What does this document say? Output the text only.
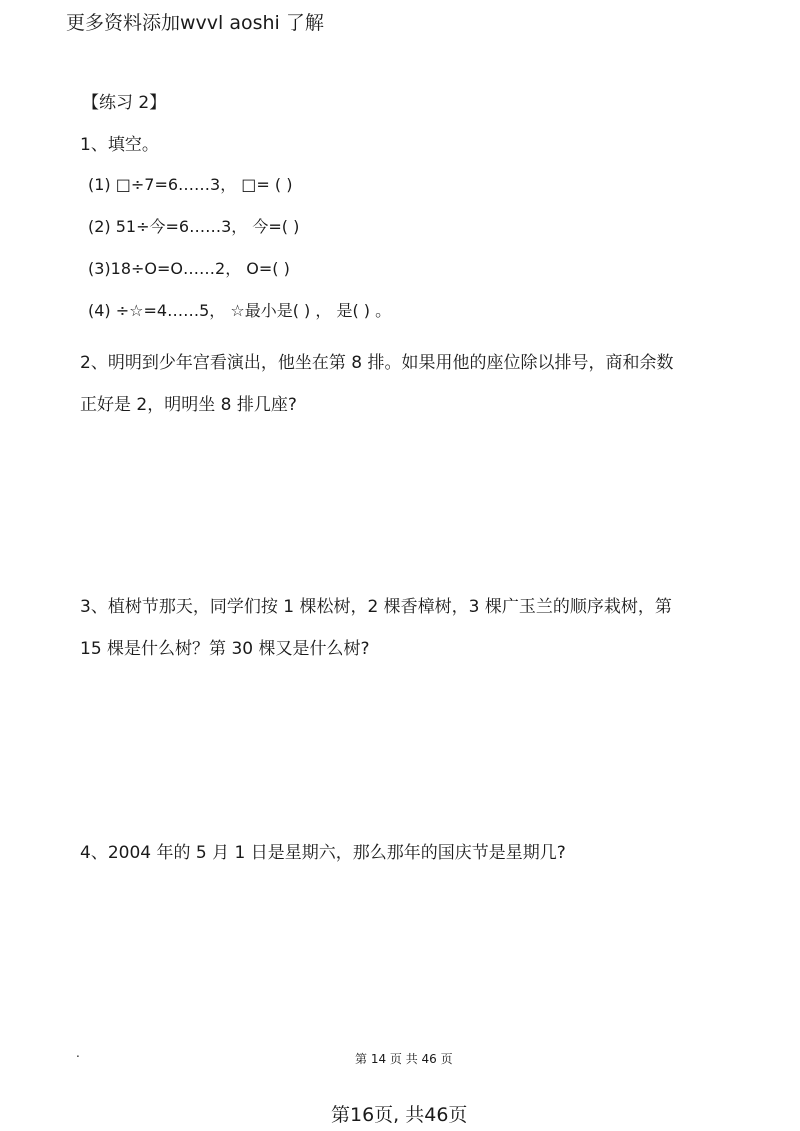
更多资料添加wvvl aoshi 了解
【练习 2】
1、填空。
(1) □÷7=6……3， □= ( )
(2) 51÷今=6……3， 今=( )
(3)18÷O=O……2， O=( )
(4) ÷☆=4……5， ☆最小是( ) ， 是( ) 。
2、明明到少年宫看演出，他坐在第 8 排。如果用他的座位除以排号，商和余数
正好是 2，明明坐 8 排几座?
3、植树节那天，同学们按 1 棵松树，2 棵香樟树，3 棵广玉兰的顺序栽树，第
15 棵是什么树？第 30 棵又是什么树?
4、2004 年的 5 月 1 日是星期六，那么那年的国庆节是星期几?
.	第 14 页 共 46 页
第16页, 共46页
